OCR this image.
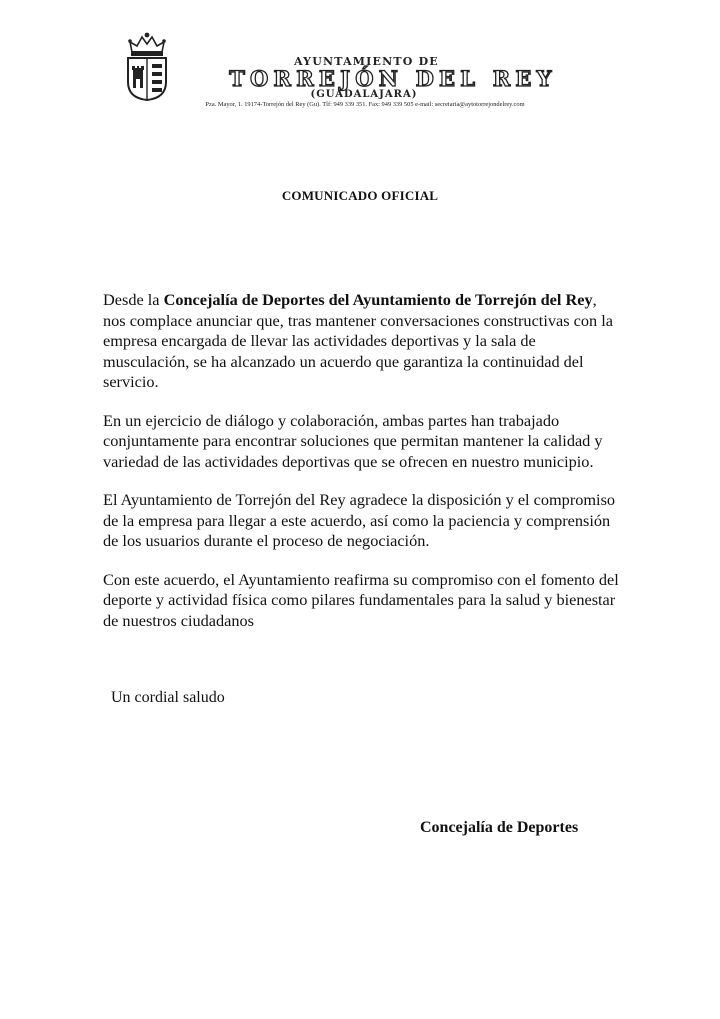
AYUNTAMIENTO DE
TORREJÓN DEL REY
(GUADALAJARA)
Pza. Mayor, 1. 19174-Torrejón del Rey (Gu). Tlf: 949 339 351. Fax: 949 339 505 e-mail: secretaria@aytotorrejondelrey.com
COMUNICADO OFICIAL

Desde la Concejalía de Deportes del Ayuntamiento de Torrejón del Rey, nos complace anunciar que, tras mantener conversaciones constructivas con la empresa encargada de llevar las actividades deportivas y la sala de musculación, se ha alcanzado un acuerdo que garantiza la continuidad del servicio.

En un ejercicio de diálogo y colaboración, ambas partes han trabajado conjuntamente para encontrar soluciones que permitan mantener la calidad y variedad de las actividades deportivas que se ofrecen en nuestro municipio.

El Ayuntamiento de Torrejón del Rey agradece la disposición y el compromiso de la empresa para llegar a este acuerdo, así como la paciencia y comprensión de los usuarios durante el proceso de negociación.

Con este acuerdo, el Ayuntamiento reafirma su compromiso con el fomento del deporte y actividad física como pilares fundamentales para la salud y bienestar de nuestros ciudadanos

Un cordial saludo
Concejalía de Deportes
